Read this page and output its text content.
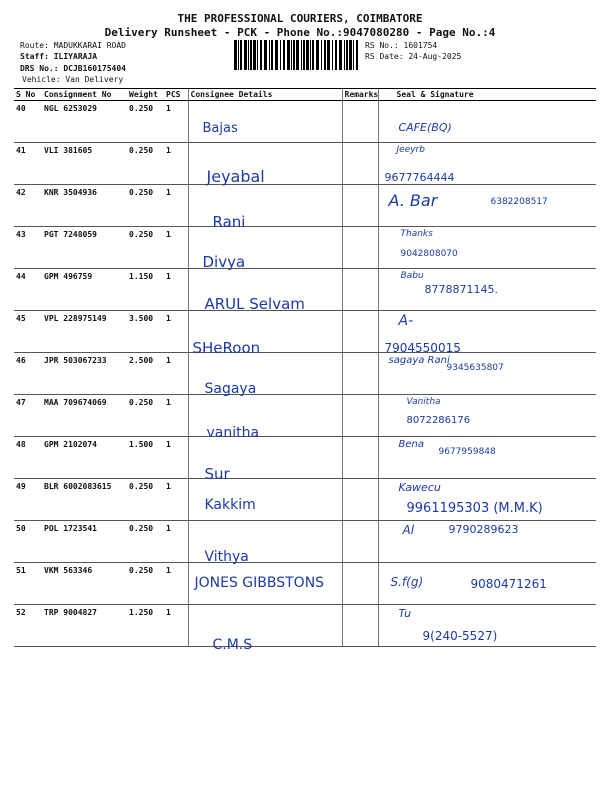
THE PROFESSIONAL COURIERS, COIMBATORE
Delivery Runsheet - PCK - Phone No.:9047080280 - Page No.:4
Route: MADUKKARAI ROAD
Staff: ILIYARAJA
DRS No.: DCJB160175404
Vehicle: Van Delivery
RS No.: 1601754
RS Date: 24-Aug-2025
S No	Consignment No	Weight	PCS	Consignee Details	Remarks	Seal & Signature
40	NGL 6253029	0.250	1	Bajas		CAFE(BQ)

41	VLI 381605	0.250	1	Jeyabal		Jeeyrb
9677764444

42	KNR 3504936	0.250	1	Rani		A. Bar 6382208517

43	PGT 7248059	0.250	1	Divya		Thanks
9042808070

44	GPM 496759	1.150	1	ARUL Selvam		Babu
8778871145.

45	VPL 228975149	3.500	1	SHeRoon		A-
7904550015

46	JPR 503067233	2.500	1	Sagaya		sagaya Rani
9345635807

47	MAA 709674069	0.250	1	vanitha		Vanitha
8072286176

48	GPM 2102074	1.500	1	Sur		Bena
9677959848

49	BLR 6002083615	0.250	1	Kakkim		Kawecu
9961195303 (M.M.K)

50	POL 1723541	0.250	1	Vithya		Al 9790289623

51	VKM 563346	0.250	1	JONES GIBBSTONS		S.f(g) 9080471261

52	TRP 9004827	1.250	1	C.M.S		Tu
9(240-5527)
